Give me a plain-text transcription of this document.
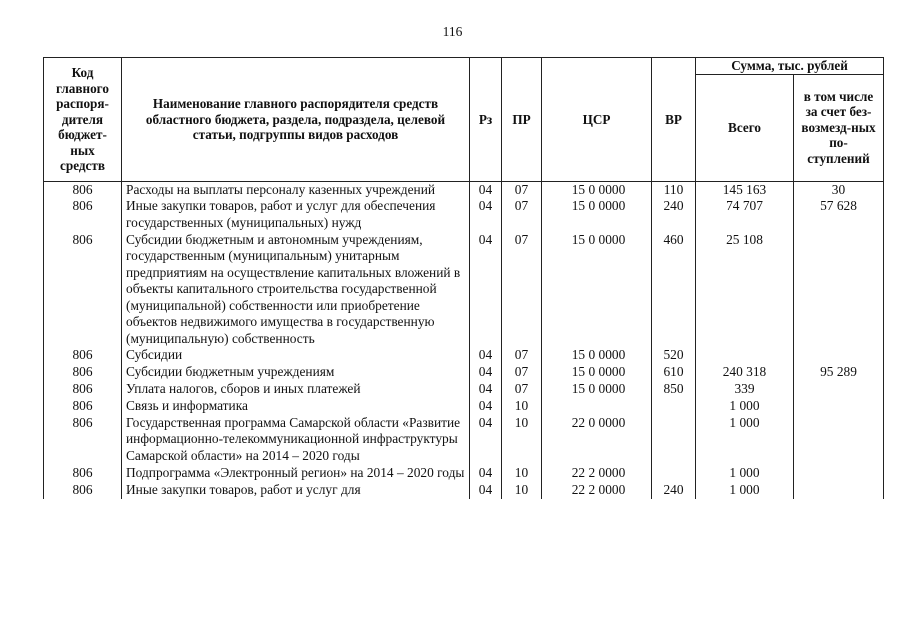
116
Код главного распоря-дителя бюджет-ных средств	Наименование главного распорядителя средств областного бюджета, раздела, подраздела, целевой статьи, подгруппы видов расходов	Рз	ПР	ЦСР	ВР	Сумма, тыс. рублей	
						Всего	в том числе за счет без-возмезд-ных по-ступлений
806	Расходы на выплаты персоналу казенных учреждений	04	07	15 0 0000	110	145 163	30
806	Иные закупки товаров, работ и услуг для обеспечения государственных (муниципальных) нужд	04	07	15 0 0000	240	74 707	57 628
806	Субсидии бюджетным и автономным учреждениям, государственным (муниципальным) унитарным предприятиям на осуществление капитальных вложений в объекты капитального строительства государственной (муниципальной) собственности или приобретение объектов недвижимого имущества в государственную (муниципальную) собственность	04	07	15 0 0000	460	25 108	
806	Субсидии	04	07	15 0 0000	520		
806	Субсидии бюджетным учреждениям	04	07	15 0 0000	610	240 318	95 289
806	Уплата налогов, сборов и иных платежей	04	07	15 0 0000	850	339	
806	Связь и информатика	04	10			1 000	
806	Государственная программа Самарской области «Развитие информационно-телекоммуникационной инфраструктуры Самарской области» на 2014 – 2020 годы	04	10	22 0 0000		1 000	
806	Подпрограмма «Электронный регион» на 2014 – 2020 годы	04	10	22 2 0000		1 000	
806	Иные закупки товаров, работ и услуг для	04	10	22 2 0000	240	1 000	
